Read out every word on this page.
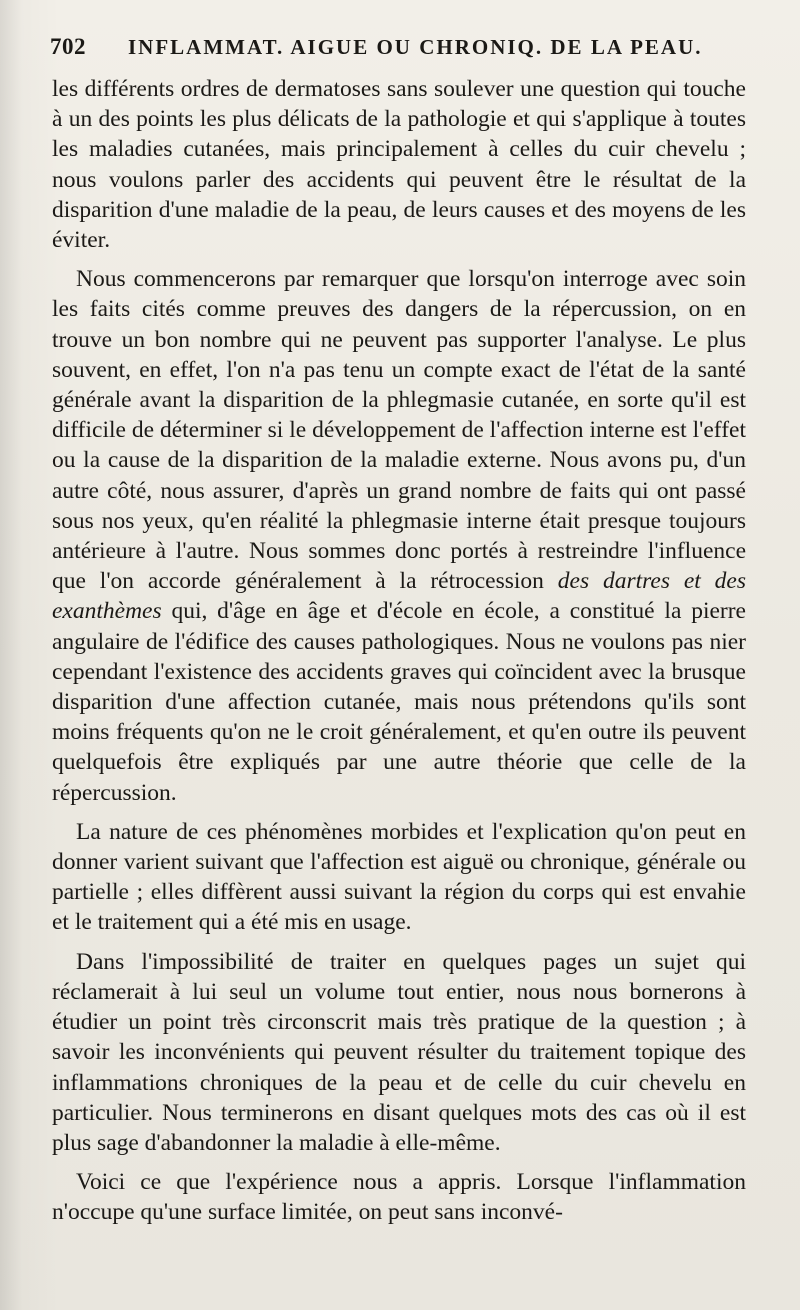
702 INFLAMMAT. AIGUE OU CHRONIQ. DE LA PEAU.

les différents ordres de dermatoses sans soulever une question qui touche à un des points les plus délicats de la pathologie et qui s'applique à toutes les maladies cutanées, mais principalement à celles du cuir chevelu ; nous voulons parler des accidents qui peuvent être le résultat de la disparition d'une maladie de la peau, de leurs causes et des moyens de les éviter.

Nous commencerons par remarquer que lorsqu'on interroge avec soin les faits cités comme preuves des dangers de la répercussion, on en trouve un bon nombre qui ne peuvent pas supporter l'analyse. Le plus souvent, en effet, l'on n'a pas tenu un compte exact de l'état de la santé générale avant la disparition de la phlegmasie cutanée, en sorte qu'il est difficile de déterminer si le développement de l'affection interne est l'effet ou la cause de la disparition de la maladie externe. Nous avons pu, d'un autre côté, nous assurer, d'après un grand nombre de faits qui ont passé sous nos yeux, qu'en réalité la phlegmasie interne était presque toujours antérieure à l'autre. Nous sommes donc portés à restreindre l'influence que l'on accorde généralement à la rétrocession des dartres et des exanthèmes qui, d'âge en âge et d'école en école, a constitué la pierre angulaire de l'édifice des causes pathologiques. Nous ne voulons pas nier cependant l'existence des accidents graves qui coïncident avec la brusque disparition d'une affection cutanée, mais nous prétendons qu'ils sont moins fréquents qu'on ne le croit généralement, et qu'en outre ils peuvent quelquefois être expliqués par une autre théorie que celle de la répercussion.

La nature de ces phénomènes morbides et l'explication qu'on peut en donner varient suivant que l'affection est aiguë ou chronique, générale ou partielle ; elles diffèrent aussi suivant la région du corps qui est envahie et le traitement qui a été mis en usage.

Dans l'impossibilité de traiter en quelques pages un sujet qui réclamerait à lui seul un volume tout entier, nous nous bornerons à étudier un point très circonscrit mais très pratique de la question ; à savoir les inconvénients qui peuvent résulter du traitement topique des inflammations chroniques de la peau et de celle du cuir chevelu en particulier. Nous terminerons en disant quelques mots des cas où il est plus sage d'abandonner la maladie à elle-même.

Voici ce que l'expérience nous a appris. Lorsque l'inflammation n'occupe qu'une surface limitée, on peut sans inconvé-
